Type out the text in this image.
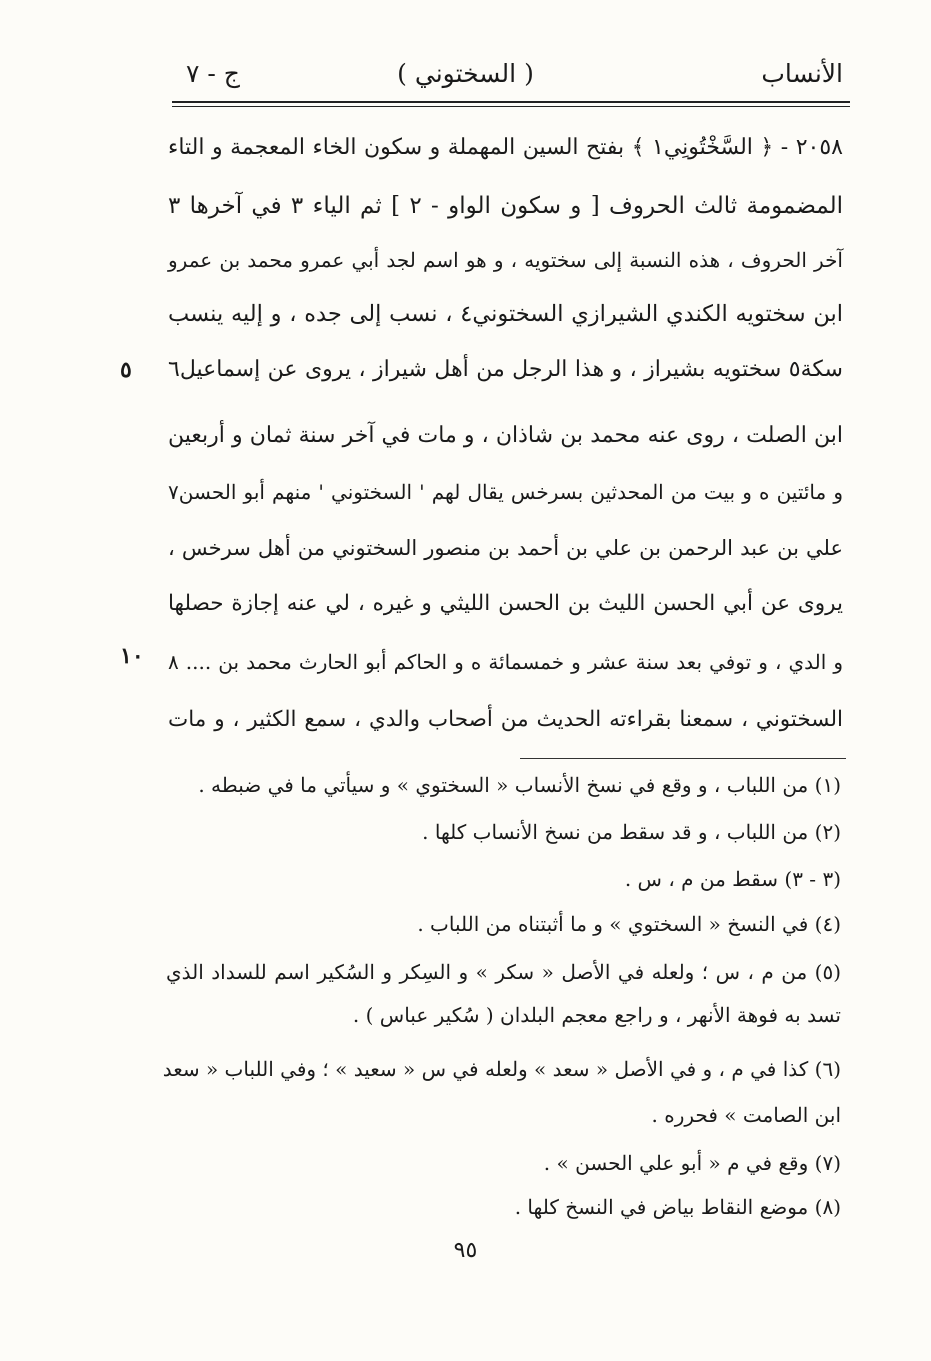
الأنساب
( السختوني )
ج - ٧
٢٠٥٨ - ﴿ السَّخْتُونِي١ ﴾ بفتح السين المهملة و سكون الخاء المعجمة و التاء
المضمومة ثالث الحروف [ و سكون الواو - ٢ ] ثم الياء ٣ في آخرها ٣
آخر الحروف ، هذه النسبة إلى سختويه ، و هو اسم لجد أبي عمرو محمد بن عمرو
ابن سختويه الكندي الشيرازي السختوني٤ ، نسب إلى جده ، و إليه ينسب
سكة٥ سختويه بشيراز ، و هذا الرجل من أهل شيراز ، يروى عن إسماعيل٦
ابن الصلت ، روى عنه محمد بن شاذان ، و مات في آخر سنة ثمان و أربعين
و مائتين ه و بيت من المحدثين بسرخس يقال لهم ' السختوني ' منهم أبو الحسن٧
علي بن عبد الرحمن بن علي بن أحمد بن منصور السختوني من أهل سرخس ،
يروى عن أبي الحسن الليث بن الحسن الليثي و غيره ، لي عنه إجازة حصلها
و الدي ، و توفي بعد سنة عشر و خمسمائة ه و الحاكم أبو الحارث محمد بن .... ٨
السختوني ، سمعنا بقراءته الحديث من أصحاب والدي ، سمع الكثير ، و مات
٥
١٠
(١) من اللباب ، و وقع في نسخ الأنساب « السختوي » و سيأتي ما في ضبطه .
(٢) من اللباب ، و قد سقط من نسخ الأنساب كلها .
(٣ - ٣) سقط من م ، س .
(٤) في النسخ « السختوي » و ما أثبتناه من اللباب .
(٥) من م ، س ؛ ولعله في الأصل « سكر » و السِكر و السُكير اسم للسداد الذي
تسد به فوهة الأنهر ، و راجع معجم البلدان ( سُكير عباس ) .
(٦) كذا في م ، و في الأصل « سعد » ولعله في س « سعيد » ؛ وفي اللباب « سعد
ابن الصامت » فحرره .
(٧) وقع في م « أبو علي الحسن » .
(٨) موضع النقاط بياض في النسخ كلها .
٩٥
